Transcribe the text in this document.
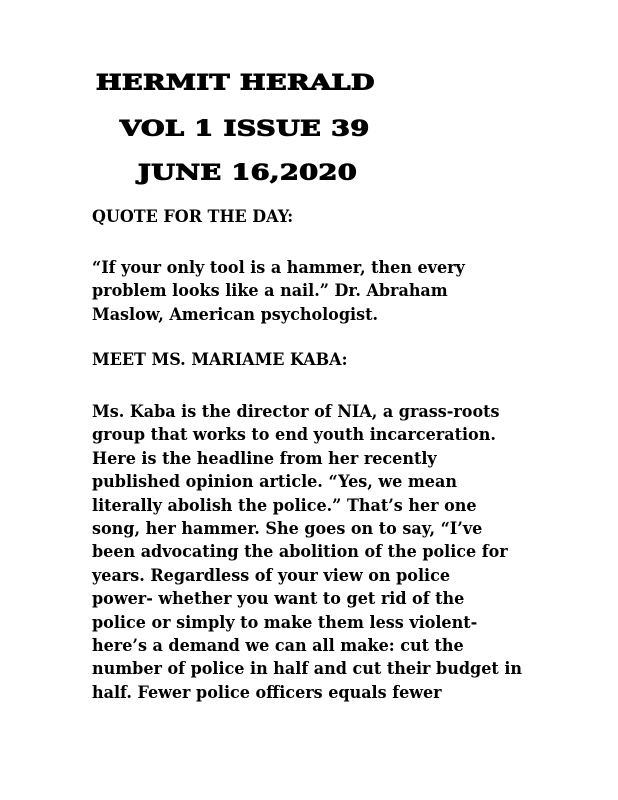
HERMIT HERALD
VOL 1 ISSUE 39
JUNE 16,2020
QUOTE FOR THE DAY:
“If your only tool is a hammer, then every
problem looks like a nail.” Dr. Abraham
Maslow, American psychologist.
MEET MS. MARIAME KABA:
Ms. Kaba is the director of NIA, a grass-roots
group that works to end youth incarceration.
Here is the headline from her recently
published opinion article. “Yes, we mean
literally abolish the police.” That’s her one
song, her hammer. She goes on to say, “I’ve
been advocating the abolition of the police for
years. Regardless of your view on police
power- whether you want to get rid of the
police or simply to make them less violent-
here’s a demand we can all make: cut the
number of police in half and cut their budget in
half. Fewer police officers equals fewer
